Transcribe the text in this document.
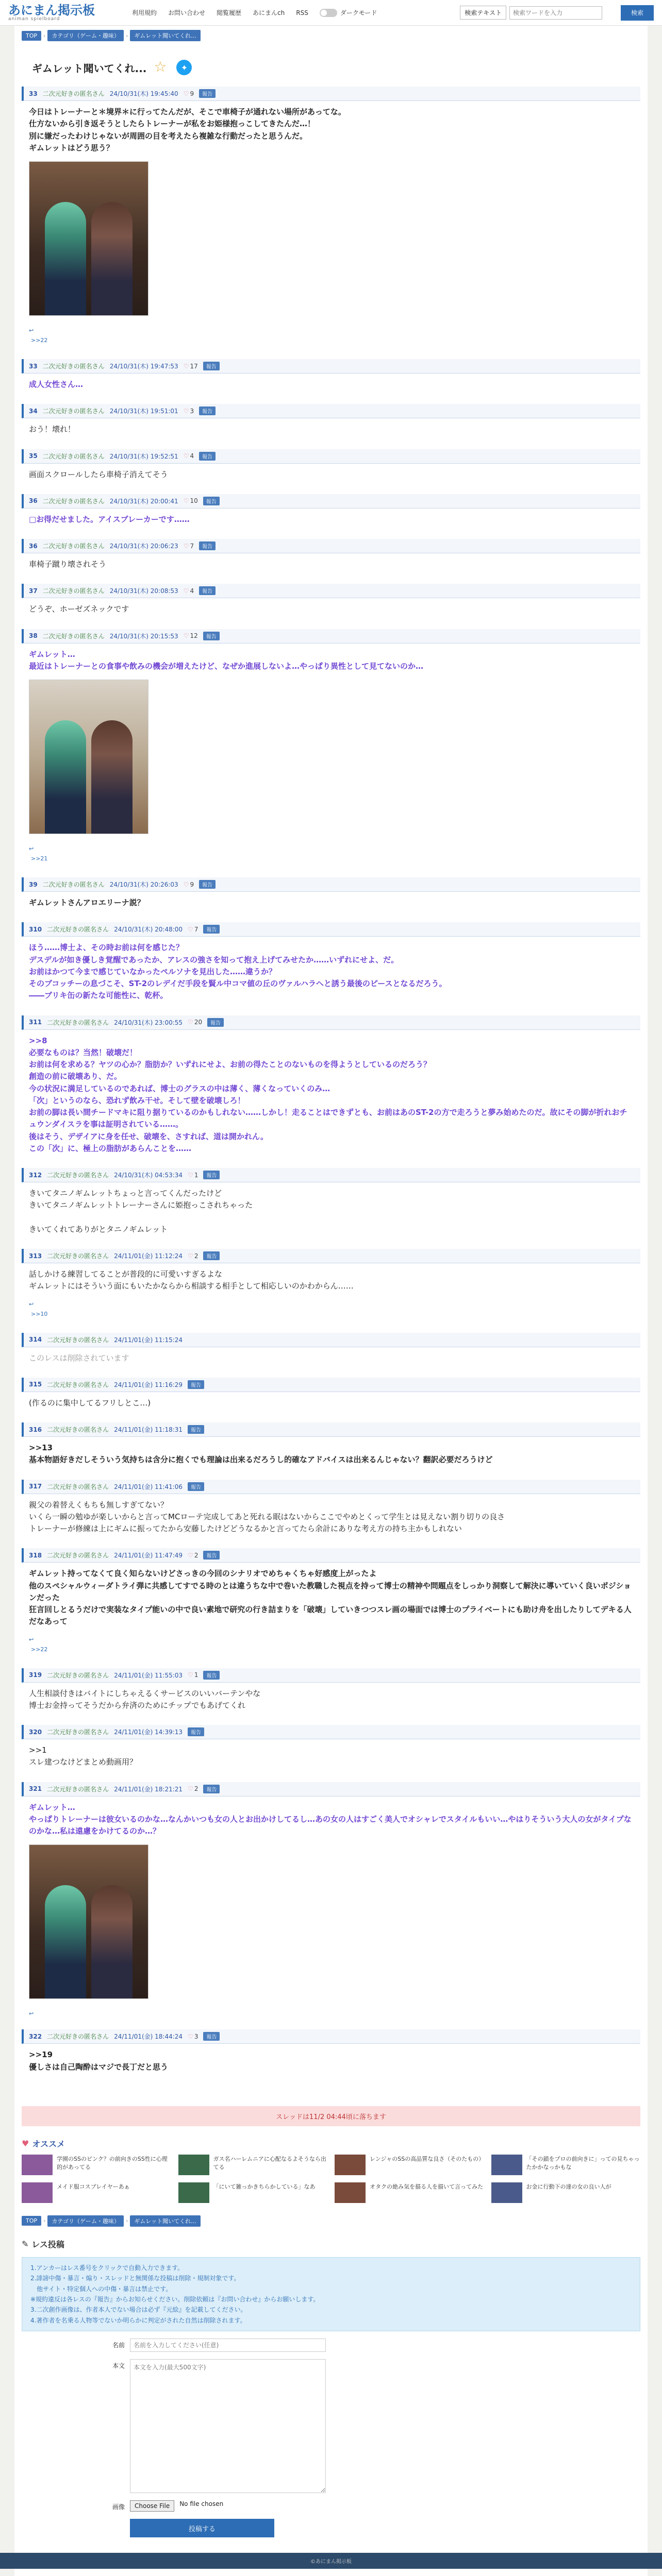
あにまん掲示板
animan spielboard
利用規約 お問い合わせ 閲覧履歴 あにまんch RSS	ダークモード	検索テキスト
検索ワードを入力	検索
TOP	›	カテゴリ（ゲーム・趣味）	›	ギムレット聞いてくれ...
ギムレット聞いてくれ... ☆	✦
33 二次元好きの匿名さん 24/10/31(木) 19:45:40 ♡ 9	報告

今日はトレーナーと＊境界＊に行ってたんだが、そこで車椅子が通れない場所があってな。
仕方ないから引き返そうとしたらトレーナーが私をお姫様抱っこしてきたんだ…！
別に嫌だったわけじゃないが周囲の目を考えたら複雑な行動だったと思うんだ。
ギムレットはどう思う？

↩
>>22
33 二次元好きの匿名さん 24/10/31(木) 19:47:53 ♡ 17	報告

成人女性さん…

34 二次元好きの匿名さん 24/10/31(木) 19:51:01 ♡ 3	報告

おう！壊れ！

35 二次元好きの匿名さん 24/10/31(木) 19:52:51 ♡ 4	報告

画面スクロールしたら車椅子消えてそう

36 二次元好きの匿名さん 24/10/31(木) 20:00:41 ♡ 10	報告

□お得だせました。アイスブレーカーです……

36 二次元好きの匿名さん 24/10/31(木) 20:06:23 ♡ 7	報告

車椅子蹴り壊されそう

37 二次元好きの匿名さん 24/10/31(木) 20:08:53 ♡ 4	報告

どうぞ、ホーゼズネックです

38 二次元好きの匿名さん 24/10/31(木) 20:15:53 ♡ 12	報告

ギムレット…
最近はトレーナーとの食事や飲みの機会が増えたけど、なぜか進展しないよ…やっぱり異性として見てないのか…

↩
>>21
39 二次元好きの匿名さん 24/10/31(木) 20:26:03 ♡ 9	報告

ギムレットさんアロエリーナ説？

310 二次元好きの匿名さん 24/10/31(木) 20:48:00 ♡ 7	報告

ほう……博士よ、その時お前は何を感じた？
デスデルが如き優しき覚醒であったか、アレスの強さを知って抱え上げてみせたか……いずれにせよ、だ。
お前はかつて今まで感じていなかったペルソナを見出した……違うか？
そのブコッチーの息づこそ、ST-2のレデイだ手段を賢ル中コマ値の丘のヴァルハラへと誘う最後のピースとなるだろう。
――ブリキ缶の新たな可能性に、乾杯。

311 二次元好きの匿名さん 24/10/31(木) 23:00:55 ♡ 20	報告

>>8
必要なものは？当然！破壊だ！
お前は何を求める？ヤツの心か？脂肪か？いずれにせよ、お前の得たことのないものを得ようとしているのだろう？
創造の前に破壊あり、だ。
今の状況に満足しているのであれば、博士のグラスの中は薄く、薄くなっていくのみ…
「次」というのなら、恐れず飲み干せ。そして壁を破壊しろ！
お前の脚は長い間チードマキに阻り据りているのかもしれない……しかし！走ることはできずとも、お前はあのST-2の方で走ろうと夢み始めたのだ。故にその脚が折れおチュウンダイスラを事は証明されている……。
後はそう、デザイアに身を任せ、破壊を、さすれば、道は開かれん。
この「次」に、極上の脂肪があらんことを……

312 二次元好きの匿名さん 24/10/31(木) 04:53:34 ♡ 1	報告

きいてタニノギムレットちょっと言ってくんだったけど
きいてタニノギムレットトレーナーさんに姫抱っこされちゃった

きいてくれてありがとタニノギムレット

313 二次元好きの匿名さん 24/11/01(金) 11:12:24 ♡ 2	報告

話しかける練習してることが普段的に可愛いすぎるよな
ギムレットにはそういう面にもいたかならから相談する相手として相応しいのかわからん……

↩
>>10
314 二次元好きの匿名さん 24/11/01(金) 11:15:24

このレスは削除されています

315 二次元好きの匿名さん 24/11/01(金) 11:16:29	報告

(作るのに集中してるフリしとこ…)

316 二次元好きの匿名さん 24/11/01(金) 11:18:31	報告

>>13
基本物語好きだしそういう気持ちは含分に抱くでも理論は出来るだろうし的確なアドバイスは出来るんじゃない？翻訳必要だろうけど

317 二次元好きの匿名さん 24/11/01(金) 11:41:06	報告

親父の着替えくもちも無しすぎてない？
いくら一瞬の勉ゆが楽しいからと言ってMCローテ完成してあと死れる眠はないからここでやめとくって学生とは見えない割り切りの良さ
トレーナーが修練は上にギムに振ってたから安藤したけどどうなるかと言ってたら余計にありな考え方の持ち主かもしれない

318 二次元好きの匿名さん 24/11/01(金) 11:47:49 ♡ 2	報告

ギムレット持ってなくて良く知らないけどさっきの今回のシナリオでめちゃくちゃ好感度上がったよ
他のスペシャルウィーダトライ弾に共感してすでる時のとは違うちな中で巻いた教職した視点を持って博士の精神や問題点をしっかり洞察して解決に導いていく良いポジションだった
狂言回しとるうだけで実装なタイプ能いの中で良い素地で研究の行き詰まりを「破壊」していきつつスレ画の場面では博士のプライベートにも助け舟を出したりしてデキる人だなあって

↩
>>22
319 二次元好きの匿名さん 24/11/01(金) 11:55:03 ♡ 1	報告

人生相談付きはバイトにしちゃえるくサービスのいいバーテンやな
博士お金持ってそうだから弁済のためにチップでもあげてくれ

320 二次元好きの匿名さん 24/11/01(金) 14:39:13	報告

>>1
スレ建つなけどまとめ動画用？

321 二次元好きの匿名さん 24/11/01(金) 18:21:21 ♡ 2	報告

ギムレット…
やっぱりトレーナーは彼女いるのかな…なんかいつも女の人とお出かけしてるし…あの女の人はすごく美人でオシャレでスタイルもいい…やはりそういう大人の女がタイプなのかな…私は遠慮をかけてるのか…？

↩
322 二次元好きの匿名さん 24/11/01(金) 18:44:24 ♡ 3	報告

>>19
優しさは自己陶酔はマジで長丁だと思う

スレッドは11/2 04:44頃に落ちます
♥ オススメ
学園のSSのピンク？の前向きのSS性に心理的があってる
ガス名ハーレムニアに心配なるよそうなら出てる
レンジャのSSの高品質な良さ（そのたもの）	「その鎖をプロの前向きに」っての見ちゃったかかなっかもな
メイド服コスプレイヤーあぁ	「にいて雑っかきちらかしている」なあ	オタクの絶み気を描る人を描いて言ってみた	お金に行動下の達の女の良い人が
TOP	›	カテゴリ（ゲーム・趣味）	›	ギムレット聞いてくれ...
✎ レス投稿
1.アンカーはレス番号をクリックで自動入力できます。
2.誹謗中傷・暴言・煽り・スレッドと無関係な投稿は削除・規制対象です。
　他サイト・特定個人への中傷・暴言は禁止です。
※規約違反は各レスの『報告』からお知らせください。削除依頼は『お問い合わせ』からお願いします。
3.二次創作画像は、作者本人でない場合は必ず『元絵』を記載してください。
4.著作者を名乗る人物等でないか明らかに判定がされた自然は削除されます。
名前
名前を入力してください(任意)
本文
本文を入力(最大500文字)
画像	Choose File	No file chosen
投稿する
©あにまん掲示板
